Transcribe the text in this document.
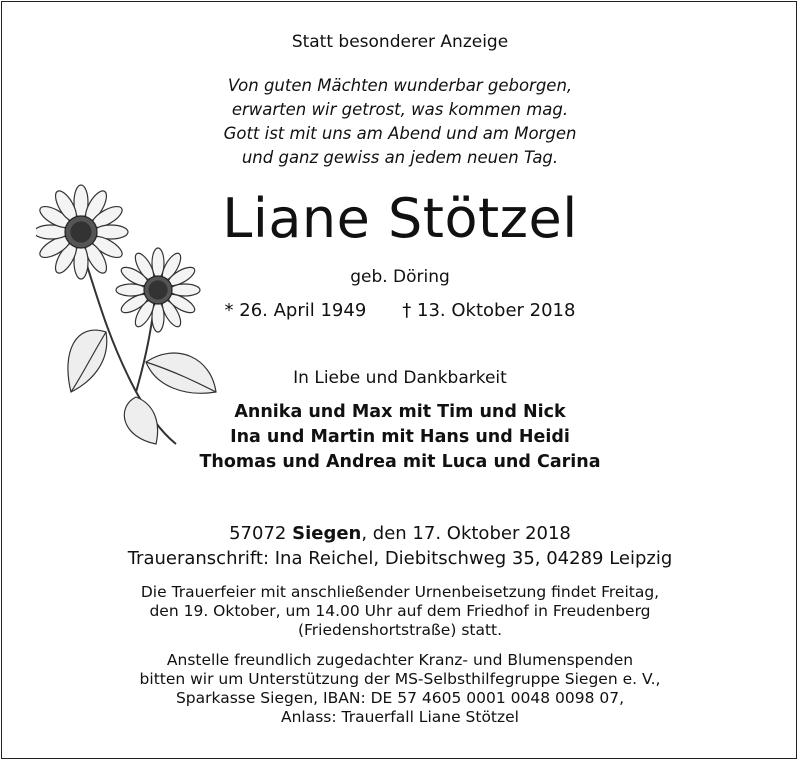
Statt besonderer Anzeige
Von guten Mächten wunderbar geborgen,
erwarten wir getrost, was kommen mag.
Gott ist mit uns am Abend und am Morgen
und ganz gewiss an jedem neuen Tag.
Liane Stötzel
geb. Döring
* 26. April 1949 † 13. Oktober 2018
In Liebe und Dankbarkeit
Annika und Max mit Tim und Nick
Ina und Martin mit Hans und Heidi
Thomas und Andrea mit Luca und Carina
57072 Siegen, den 17. Oktober 2018
Traueranschrift: Ina Reichel, Diebitschweg 35, 04289 Leipzig
Die Trauerfeier mit anschließender Urnenbeisetzung findet Freitag,
den 19. Oktober, um 14.00 Uhr auf dem Friedhof in Freudenberg
(Friedenshortstraße) statt.
Anstelle freundlich zugedachter Kranz- und Blumenspenden
bitten wir um Unterstützung der MS-Selbsthilfegruppe Siegen e. V.,
Sparkasse Siegen, IBAN: DE 57 4605 0001 0048 0098 07,
Anlass: Trauerfall Liane Stötzel
